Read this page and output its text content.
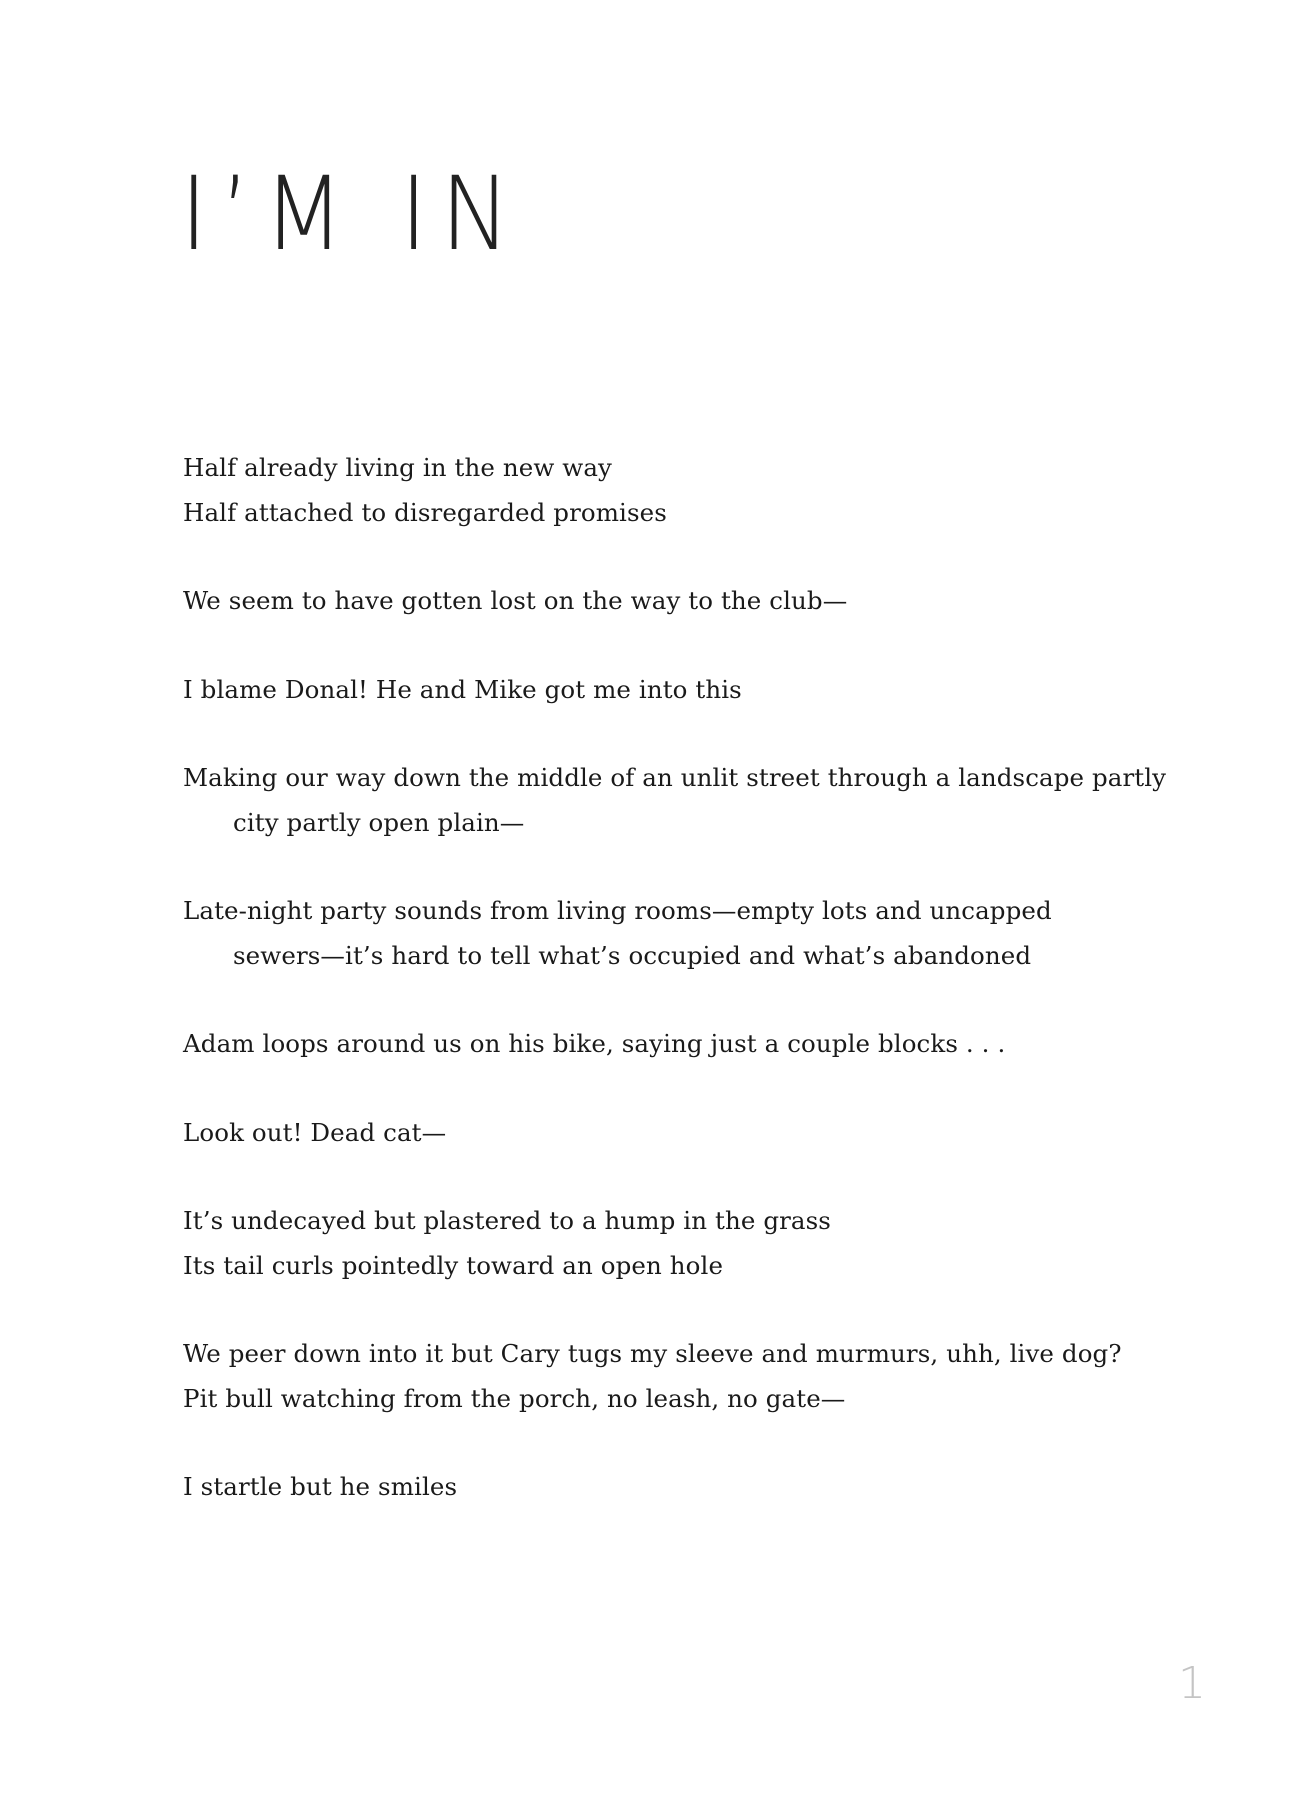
I’M IN
Half already living in the new way
Half attached to disregarded promises
We seem to have gotten lost on the way to the club—
I blame Donal! He and Mike got me into this
Making our way down the middle of an unlit street through a landscape partly
city partly open plain—
Late-night party sounds from living rooms—empty lots and uncapped
sewers—it’s hard to tell what’s occupied and what’s abandoned
Adam loops around us on his bike, saying just a couple blocks . . .
Look out! Dead cat—
It’s undecayed but plastered to a hump in the grass
Its tail curls pointedly toward an open hole
We peer down into it but Cary tugs my sleeve and murmurs, uhh, live dog?
Pit bull watching from the porch, no leash, no gate—
I startle but he smiles
1
